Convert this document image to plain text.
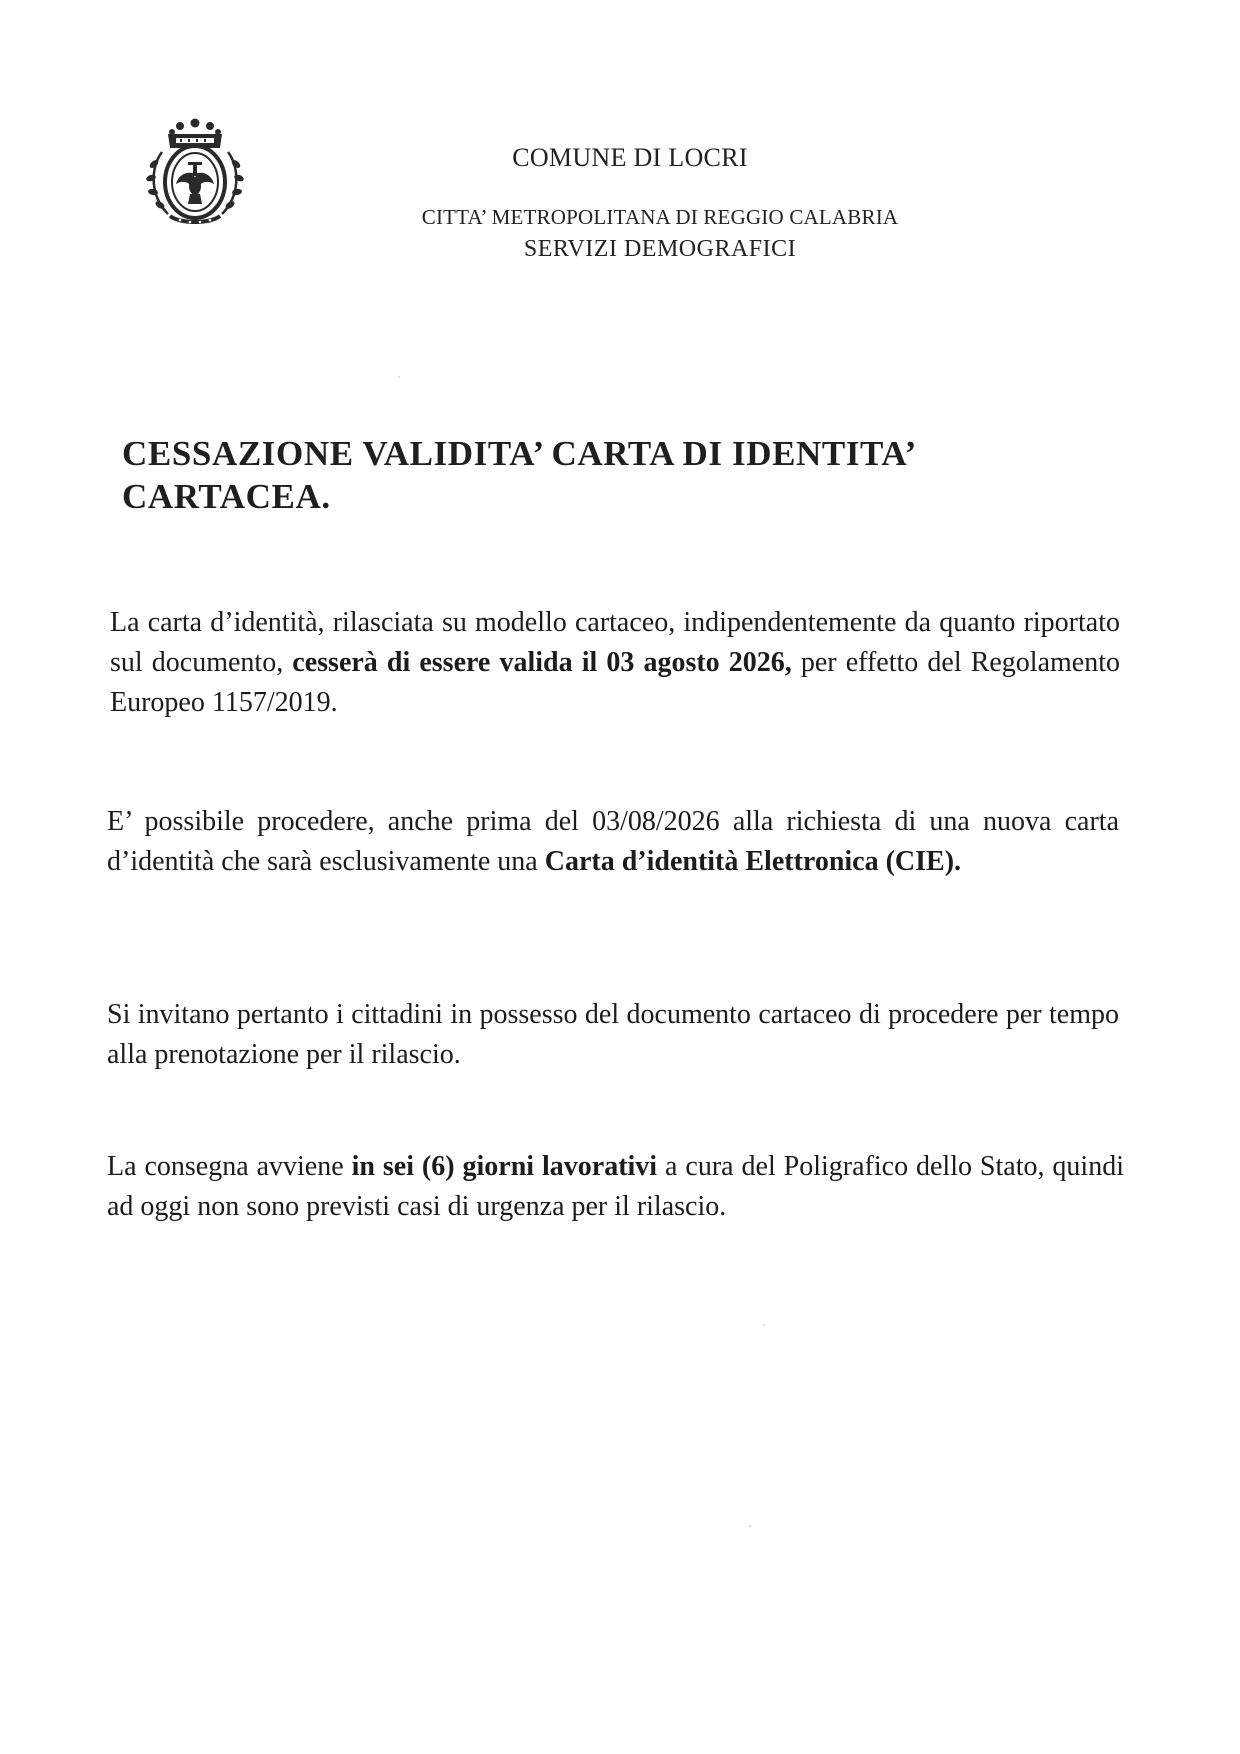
COMUNE DI LOCRI
CITTA’ METROPOLITANA DI REGGIO CALABRIA
SERVIZI DEMOGRAFICI
CESSAZIONE VALIDITA’ CARTA DI IDENTITA’
CARTACEA.
La carta d’identità, rilasciata su modello cartaceo, indipendentemente da quanto riportato sul documento, cesserà di essere valida il 03 agosto 2026, per effetto del Regolamento Europeo 1157/2019.
E’ possibile procedere, anche prima del 03/08/2026 alla richiesta di una nuova carta d’identità che sarà esclusivamente una Carta d’identità Elettronica (CIE).
Si invitano pertanto i cittadini in possesso del documento cartaceo di procedere per tempo alla prenotazione per il rilascio.
La consegna avviene in sei (6) giorni lavorativi a cura del Poligrafico dello Stato, quindi ad oggi non sono previsti casi di urgenza per il rilascio.
